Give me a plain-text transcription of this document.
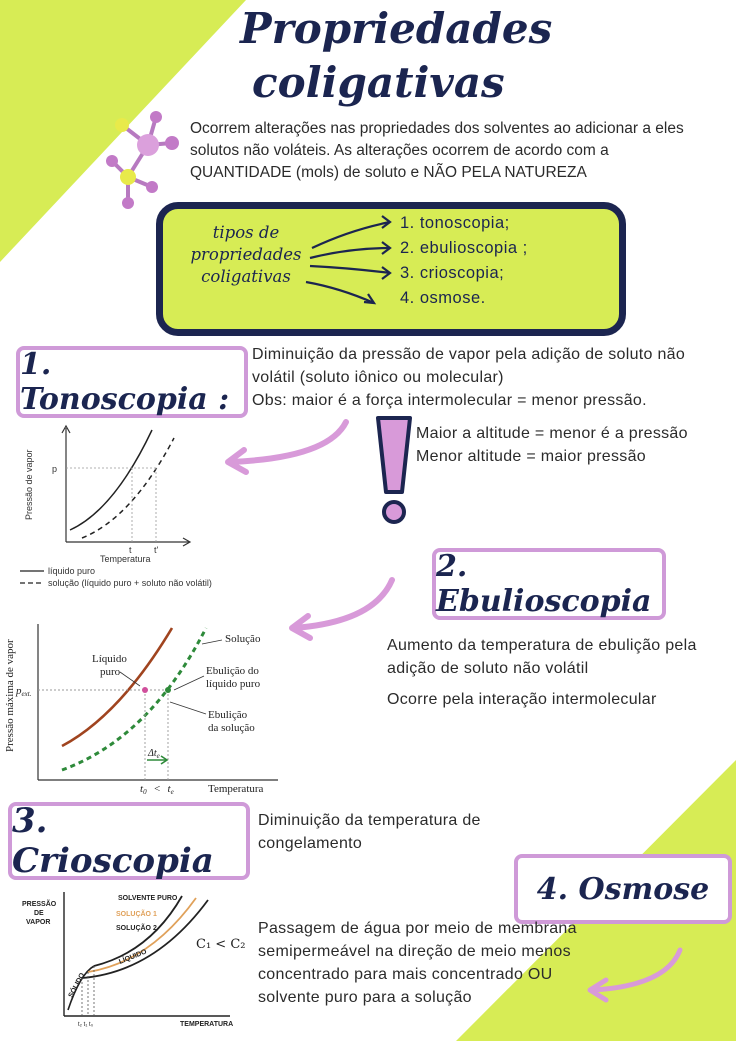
Propriedades
coligativas
Ocorrem alterações nas propriedades dos solventes ao adicionar a eles solutos não voláteis. As alterações ocorrem de acordo com a QUANTIDADE (mols) de soluto e NÃO PELA NATUREZA
tipos de
propriedades
coligativas
1. tonoscopia;
2. ebulioscopia ;
3. crioscopia;
4. osmose.
1. Tonoscopia :
Diminuição da pressão de vapor pela adição de soluto não volátil (soluto iônico ou molecular)
Obs: maior é a força intermolecular = menor pressão.
Maior a altitude = menor é a pressão
Menor altitude = maior pressão
p
t t'
Temperatura
Pressão de vapor
líquido puro
solução (líquido puro + soluto não volátil)	2. Ebulioscopia
Aumento da temperatura de ebulição pela adição de soluto não volátil
Ocorre pela interação intermolecular
Solução
Líquido
puro	Ebulição do
líquido puro
Ebulição
da solução
pext.
$\Delta t_e$
t0 < te	Temperatura
Pressão máxima de vapor
3. Crioscopia
Diminuição da temperatura de congelamento
SOLVENTE PURO
SOLUÇÃO 1
SOLUÇÃO 2
LÍQUIDO
SÓLIDO
C₁ < C₂
PRESSÃO
DE
VAPOR
t₂ t₁ t₀	TEMPERATURA
4. Osmose
Passagem de água por meio de membrana semipermeável na direção de meio menos concentrado para mais concentrado OU solvente puro para a solução
